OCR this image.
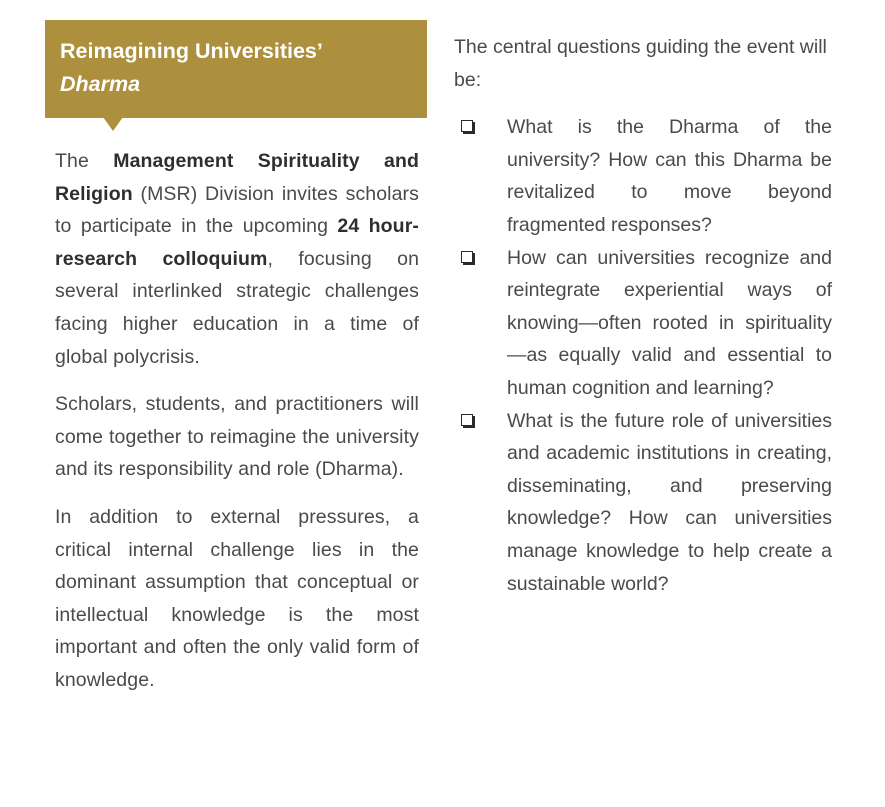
Reimagining Universities’
Dharma

The Management Spirituality and Religion (MSR) Division invites scholars to participate in the upcoming 24 hour-research colloquium, focusing on several interlinked strategic challenges facing higher education in a time of global polycrisis.

Scholars, students, and practitioners will come together to reimagine the university and its responsibility and role (Dharma).

In addition to external pressures, a critical internal challenge lies in the dominant assumption that conceptual or intellectual knowledge is the most important and often the only valid form of knowledge.

The central questions guiding the event will be:

What is the Dharma of the university? How can this Dharma be revitalized to move beyond fragmented responses?
How can universities recognize and reintegrate experiential ways of knowing—often rooted in spirituality—as equally valid and essential to human cognition and learning?
What is the future role of universities and academic institutions in creating, disseminating, and preserving knowledge? How can universities manage knowledge to help create a sustainable world?
